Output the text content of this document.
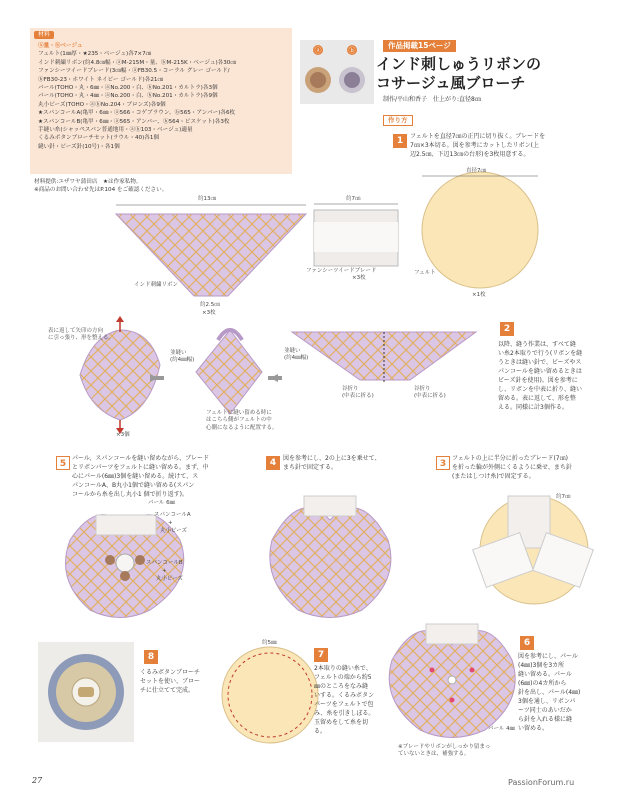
ⓐ量・ⓑベージュ
フェルト(1㎜厚・★235・ベージュ)各7×7㎝
インド刺繍リボン(約4.8㎝幅・ⓐM-215M・量、ⓑM-215K・ベージュ)各30㎝
ファンシーツイードブレード(3㎝幅・ⓐFB30.5・コーラル グレー ゴールド/
ⓑFB30-23・ホワイト ネイビー ゴールド)各21㎝
パール(TOHO・丸・6㎜・ⓐNo.200・白、ⓑNo.201・カルトラ)各3個
パール(TOHO・丸・4㎜・ⓐNo.200・白、ⓑNo.201・カルトラ)各9個
丸小ビーズ(TOHO・ⓐⓑNo.204・ブロンズ)各9個
★スパンコールA(亀甲・6㎜・ⓐ566・コゲブラウン、ⓑ565・アンバー)各6枚
★スパンコールB(亀甲・6㎜・ⓐ565・アンバー、ⓑ564・ビスケット)各3枚
手縫い糸(シャッペスパン普通地用・ⓐⓑ103・ベージュ)適量
くるみボタンブローチセット(ラウル・40)各1個
縫い針・ビーズ針(10号)・各1個
材料
材料提供:ユザワヤ蒲田店　★は作家私物。
※商品のお問い合わせ先はP.104 をご確認ください。
ⓐ	ⓑ
作品掲載15ページ
インド刺しゅうリボンの
コサージュ風ブローチ
制作/平山和香子　仕上がり:直径8㎝
作り方
1	フェルトを直径7㎝の正円に切り抜く。ブレードを
7㎝×3本切る。図を参考にカットしたリボン(上
辺2.5㎝、下辺13㎝の台形)を3枚用意する。
約13㎝
インド刺繍リボン
約2.5㎝
×3枚
約7㎝
ファンシーツイードブレード
×3枚
直径7㎝
フェルト
×1枚
2
以降、縫う作業は、すべて縫
い糸2本取りで行う(リボンを縫
うときは縫い針で、ビーズやス
パンコールを縫い留めるときは
ビーズ針を使用)。図を参考に
し、リボンを中表に折り、縫い
留める。表に返して、形を整
える。同様に計3個作る。
表に返して矢印の方向
に引っ張り、形を整える。
並縫い
(約4㎜幅)
並縫い
(約4㎜幅)
谷折り
(中表に折る)
谷折り
(中表に折る)
フェルトに縫い留める時に
はこちら側がフェルトの中
心側になるように配置する。
×3個
5
パール、スパンコールを縫い留めながら、ブレード
とリボンパーツをフェルトに縫い留める。まず、中
心にパール(6㎜)3個を縫い留める。続けて、ス
パンコールA、B丸小1個で縫い留める(スパン
コールから糸を出し丸小1 個で折り返す)。
パール 6㎜
スパンコールA
+
丸小ビーズ
スパンコールB
+
丸小ビーズ
4	図を参考にし、2の上に3を乗せて、
まち針で固定する。	3
フェルトの上に半分に折ったブレード(7㎝)
を折った輪が外側にくるように乗せ、まち針
(またはしつけ糸)で固定する。
約7㎝
8
くるみボタンブローチ
セットを使い、ブロー
チに仕立てて完成。
約5㎜
7
2本取りの縫い糸で、
フェルトの端から約5
㎜のところをなみ縫
いする。くるみボタン
パーツをフェルトで包
み、糸を引きしぼる。
玉留めをして糸を切
る。
6
図を参考にし、パール
(4㎜)3個を3カ所
縫い留める。パール
(6㎜)の4カ所から
針を出し、パール(4㎜)
3個を通し、リボンパ
ーツ同士のあいだか
ら針を入れる様に縫
い留める。
パール 4㎜
※ブレードやリボンがしっかり留まっ
ていないときは、補強する。
27	PassionForum.ru
